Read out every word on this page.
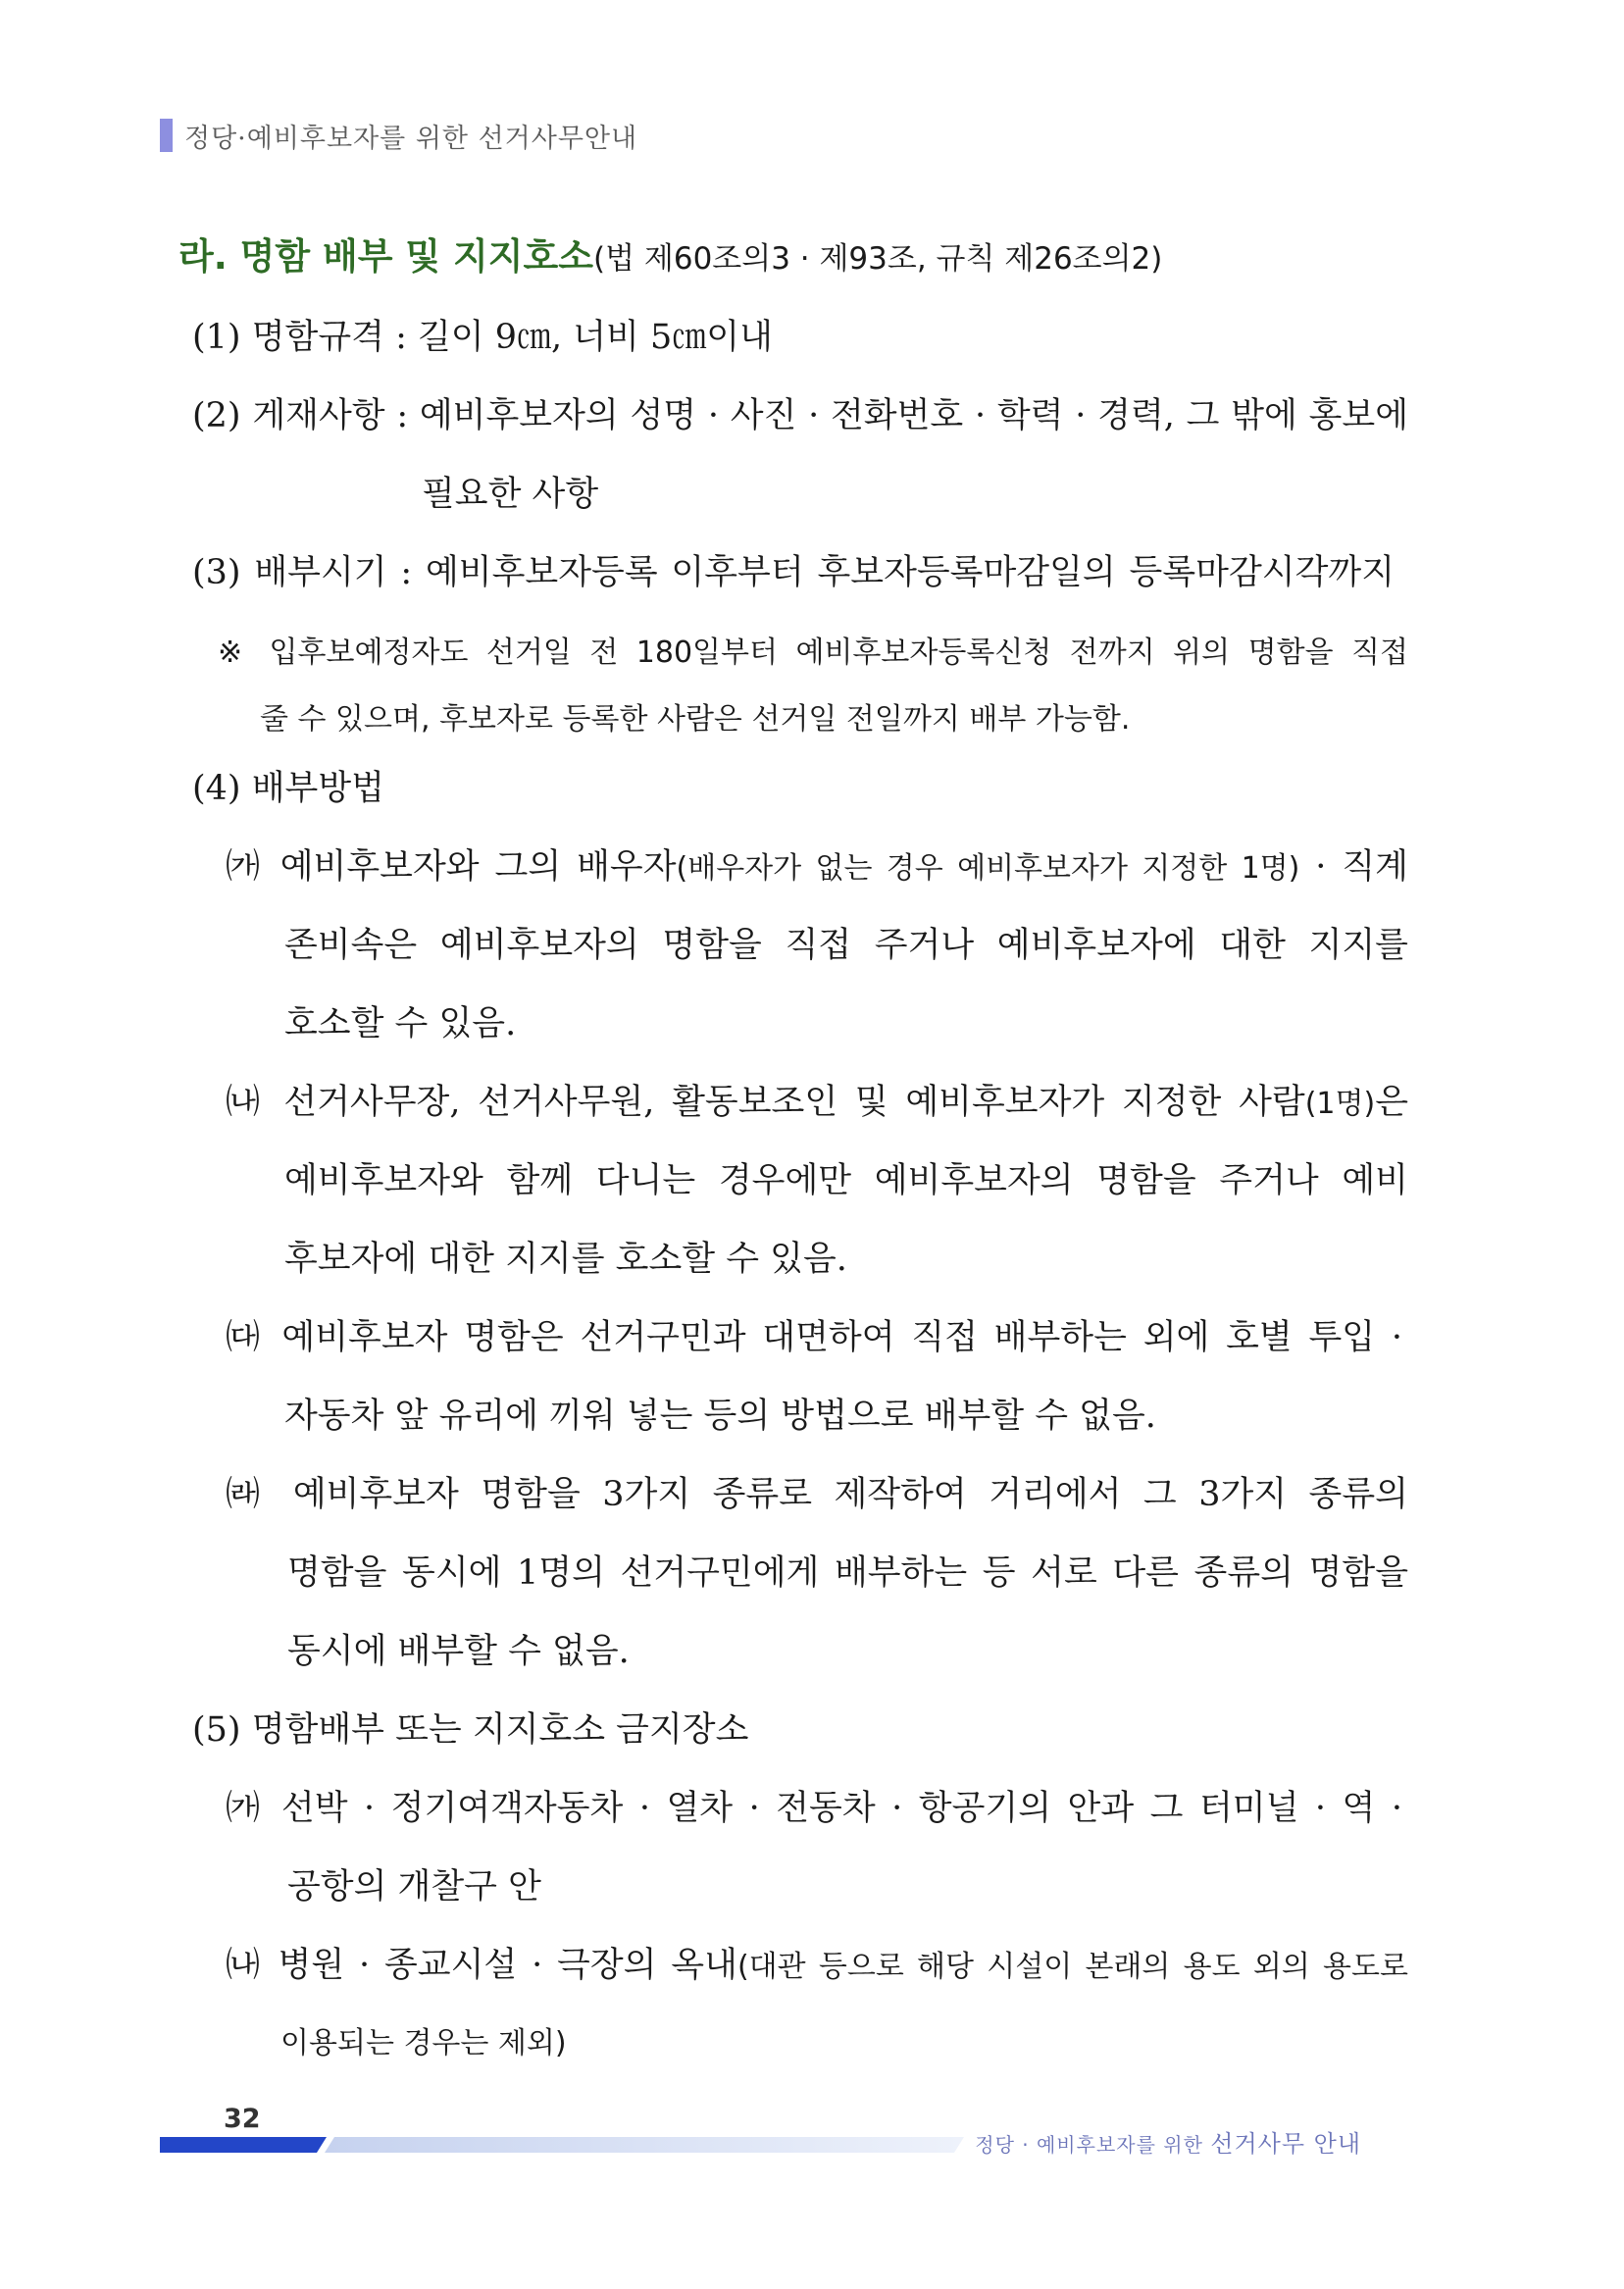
정당·예비후보자를 위한 선거사무안내
라. 명함 배부 및 지지호소(법 제60조의3 · 제93조, 규칙 제26조의2)
(1) 명함규격 : 길이 9㎝, 너비 5㎝이내
(2) 게재사항 : 예비후보자의 성명 · 사진 · 전화번호 · 학력 · 경력, 그 밖에 홍보에
필요한 사항
(3) 배부시기 : 예비후보자등록 이후부터 후보자등록마감일의 등록마감시각까지
※ 입후보예정자도 선거일 전 180일부터 예비후보자등록신청 전까지 위의 명함을 직접
줄 수 있으며, 후보자로 등록한 사람은 선거일 전일까지 배부 가능함.
(4) 배부방법
㈎ 예비후보자와 그의 배우자(배우자가 없는 경우 예비후보자가 지정한 1명) · 직계
존비속은 예비후보자의 명함을 직접 주거나 예비후보자에 대한 지지를
호소할 수 있음.
㈏ 선거사무장, 선거사무원, 활동보조인 및 예비후보자가 지정한 사람(1명)은
예비후보자와 함께 다니는 경우에만 예비후보자의 명함을 주거나 예비
후보자에 대한 지지를 호소할 수 있음.
㈐ 예비후보자 명함은 선거구민과 대면하여 직접 배부하는 외에 호별 투입 ·
자동차 앞 유리에 끼워 넣는 등의 방법으로 배부할 수 없음.
㈑ 예비후보자 명함을 3가지 종류로 제작하여 거리에서 그 3가지 종류의
명함을 동시에 1명의 선거구민에게 배부하는 등 서로 다른 종류의 명함을
동시에 배부할 수 없음.
(5) 명함배부 또는 지지호소 금지장소
㈎ 선박 · 정기여객자동차 · 열차 · 전동차 · 항공기의 안과 그 터미널 · 역 ·
공항의 개찰구 안
㈏ 병원 · 종교시설 · 극장의 옥내(대관 등으로 해당 시설이 본래의 용도 외의 용도로
이용되는 경우는 제외)
32
정당 · 예비후보자를 위한 선거사무 안내
